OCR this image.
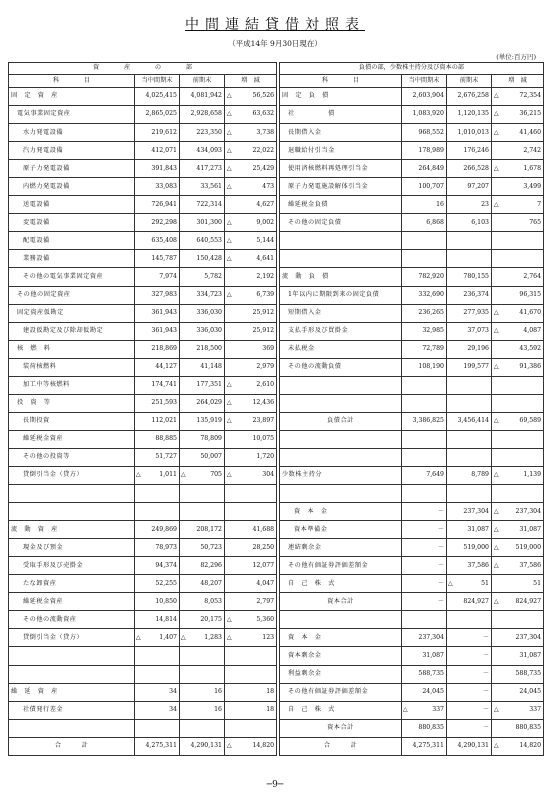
中間連結貸借対照表
（平成14年 9月30日現在）
(単位:百万円)
資　　　　産　　　　の　　　　部						
科　　　　目	当中間期末		前期末		増　減	
固　定　資　産		4,025,415		4,081,942	△	56,526
電気事業固定資産		2,865,025		2,928,658	△	63,632
水力発電設備		219,612		223,350	△	3,738
汽力発電設備		412,071		434,093	△	22,022
原子力発電設備		391,843		417,273	△	25,429
内燃力発電設備		33,083		33,561	△	473
送電設備		726,941		722,314		4,627
変電設備		292,298		301,300	△	9,002
配電設備		635,408		640,553	△	5,144
業務設備		145,787		150,428	△	4,641
その他の電気事業固定資産		7,974		5,782		2,192
その他の固定資産		327,983		334,723	△	6,739
固定資産仮勘定		361,943		336,030		25,912
建設仮勘定及び除却仮勘定		361,943		336,030		25,912
核　燃　料		218,869		218,500		369
装荷核燃料		44,127		41,148		2,979
加工中等核燃料		174,741		177,351	△	2,610
投　資　等		251,593		264,029	△	12,436
長期投資		112,021		135,919	△	23,897
繰延税金資産		88,885		78,809		10,075
その他の投資等		51,727		50,007		1,720
貸倒引当金（貸方）	△	1,011	△	705	△	304

流　動　資　産		249,869		208,172		41,688
現金及び預金		78,973		50,723		28,250
受取手形及び売掛金		94,374		82,296		12,077
たな卸資産		52,255		48,207		4,047
繰延税金資産		10,850		8,053		2,797
その他の流動資産		14,814		20,175	△	5,360
貸倒引当金（貸方）	△	1,407	△	1,283	△	123

繰　延　資　産		34		16		18
社債発行差金		34		16		18

合　　　計		4,275,311		4,290,131	△	14,820
負債の部，少数株主持分及び資本の部						
科　　　　目	当中間期末		前期末		増　減	
固　定　負　債		2,603,904		2,676,258	△	72,354
社　　　　　債		1,083,920		1,120,135	△	36,215
長期借入金		968,552		1,010,013	△	41,460
退職給付引当金		178,989		176,246		2,742
使用済核燃料再処理引当金		264,849		266,528	△	1,678
原子力発電施設解体引当金		100,707		97,207		3,499
繰延税金負債		16		23	△	7
その他の固定負債		6,868		6,103		765

流　動　負　債		782,920		780,155		2,764
1年以内に期限到来の固定負債		332,690		236,374		96,315
短期借入金		236,265		277,935	△	41,670
支払手形及び買掛金		32,985		37,073	△	4,087
未払税金		72,789		29,196		43,592
その他の流動負債		108,190		199,577	△	91,386

負債合計		3,386,825		3,456,414	△	69,589

少数株主持分		7,649		8,789	△	1,139

資　本　金		－		237,304	△	237,304
資本準備金		－		31,087	△	31,087
連結剰余金		－		519,000	△	519,000
その他有価証券評価差額金		－		37,586	△	37,586
自　己　株　式		－	△	51		51
資本合計		－		824,927	△	824,927

資　本　金		237,304		－		237,304
資本剰余金		31,087		－		31,087
利益剰余金		588,735		－		588,735
その他有価証券評価差額金		24,045		－		24,045
自　己　株　式	△	337		－	△	337
資本合計		880,835		－		880,835
合　　　計		4,275,311		4,290,131	△	14,820
─9─
